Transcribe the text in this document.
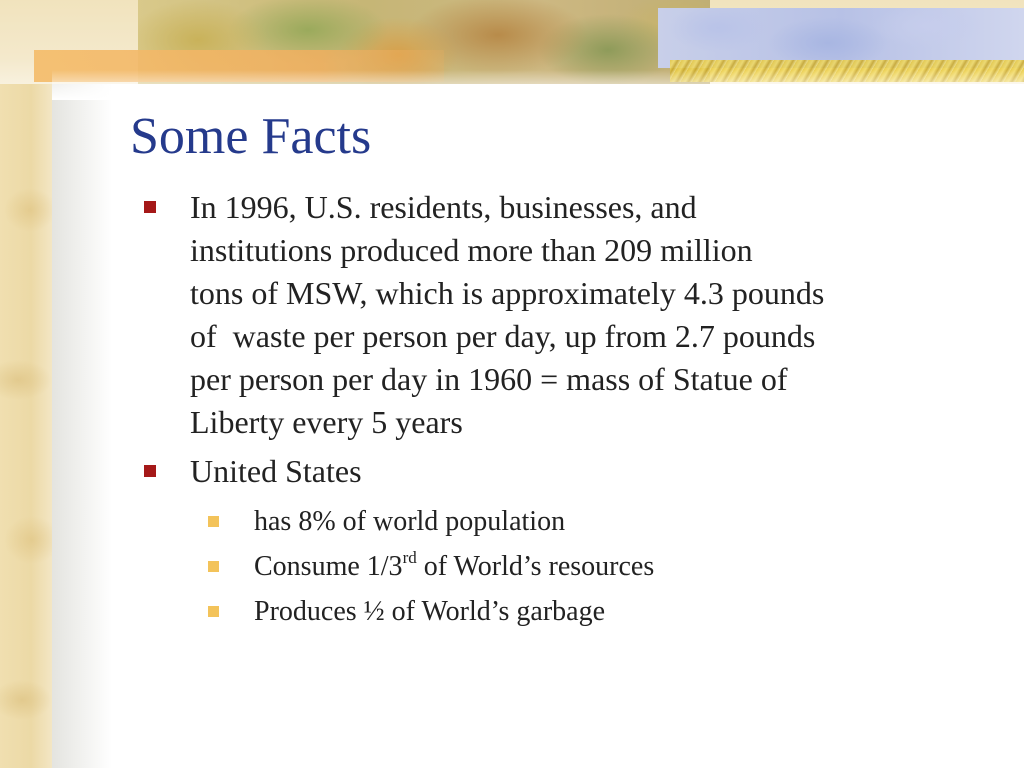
Some Facts
In 1996, U.S. residents, businesses, and
institutions produced more than 209 million
tons of MSW, which is approximately 4.3 pounds
of  waste per person per day, up from 2.7 pounds
per person per day in 1960 = mass of Statue of
Liberty every 5 years
United States
has 8% of world population
Consume 1/3rd of World’s resources
Produces ½ of World’s garbage
